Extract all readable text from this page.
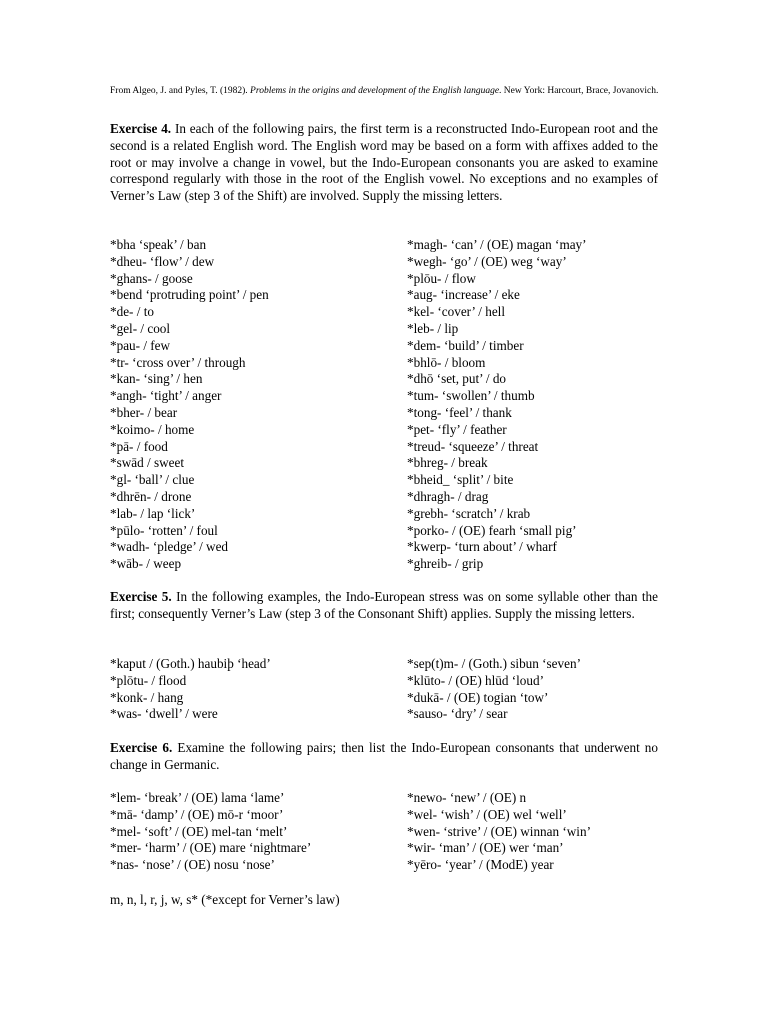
From Algeo, J. and Pyles, T. (1982). Problems in the origins and development of the English language. New York: Harcourt, Brace, Jovanovich.
Exercise 4. In each of the following pairs, the first term is a reconstructed Indo-European root and the second is a related English word. The English word may be based on a form with affixes added to the root or may involve a change in vowel, but the Indo-European consonants you are asked to examine correspond regularly with those in the root of the English vowel. No exceptions and no examples of Verner’s Law (step 3 of the Shift) are involved. Supply the missing letters.
*bha ‘speak’ / ban	*magh- ‘can’ / (OE) magan ‘may’
*dheu- ‘flow’ / dew	*wegh- ‘go’ / (OE) weg ‘way’
*ghans- / goose	*plōu- / flow
*bend ‘protruding point’ / pen	*aug- ‘increase’ / eke
*de- / to	*kel- ‘cover’ / hell
*gel- / cool	*leb- / lip
*pau- / few	*dem- ‘build’ / timber
*tr- ‘cross over’ / through	*bhlō- / bloom
*kan- ‘sing’ / hen	*dhō ‘set, put’ / do
*angh- ‘tight’ / anger	*tum- ‘swollen’ / thumb
*bher- / bear	*tong- ‘feel’ / thank
*koimo- / home	*pet- ‘fly’ / feather
*pā- / food	*treud- ‘squeeze’ / threat
*swād / sweet	*bhreg- / break
*gl- ‘ball’ / clue	*bheid_ ‘split’ / bite
*dhrēn- / drone	*dhragh- / drag
*lab- / lap ‘lick’	*grebh- ‘scratch’ / krab
*pūlo- ‘rotten’ / foul	*porko- / (OE) fearh ‘small pig’
*wadh- ‘pledge’ / wed	*kwerp- ‘turn about’ / wharf
*wāb- / weep	*ghreib- / grip
Exercise 5. In the following examples, the Indo-European stress was on some syllable other than the first; consequently Verner’s Law (step 3 of the Consonant Shift) applies. Supply the missing letters.
*kaput / (Goth.) haubiþ ‘head’	*sep(t)m- / (Goth.) sibun ‘seven’
*plōtu- / flood	*klūto- / (OE) hlūd ‘loud’
*konk- / hang	*dukā- / (OE) togian ‘tow’
*was- ‘dwell’ / were	*sauso- ‘dry’ / sear
Exercise 6. Examine the following pairs; then list the Indo-European consonants that underwent no change in Germanic.
*lem- ‘break’ / (OE) lama ‘lame’	*newo- ‘new’ / (OE) n
*mā- ‘damp’ / (OE) mō-r ‘moor’	*wel- ‘wish’ / (OE) wel ‘well’
*mel- ‘soft’ / (OE) mel-tan ‘melt’	*wen- ‘strive’ / (OE) winnan ‘win’
*mer- ‘harm’ / (OE) mare ‘nightmare’	*wir- ‘man’ / (OE) wer ‘man’
*nas- ‘nose’ / (OE) nosu ‘nose’	*yēro- ‘year’ / (ModE) year
m, n, l, r, j, w, s* (*except for Verner’s law)
